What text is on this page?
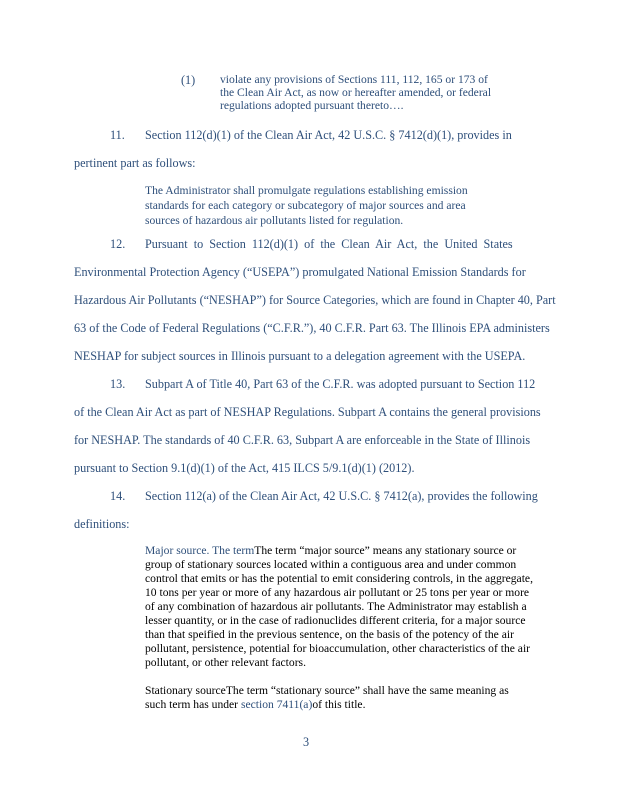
(1) violate any provisions of Sections 111, 112, 165 or 173 of
the Clean Air Act, as now or hereafter amended, or federal
regulations adopted pursuant thereto….
11. Section 112(d)(1) of the Clean Air Act, 42 U.S.C. § 7412(d)(1), provides in
pertinent part as follows:
The Administrator shall promulgate regulations establishing emission
standards for each category or subcategory of major sources and area
sources of hazardous air pollutants listed for regulation.
12. Pursuant to Section 112(d)(1) of the Clean Air Act, the United States
Environmental Protection Agency (“USEPA”) promulgated National Emission Standards for
Hazardous Air Pollutants (“NESHAP”) for Source Categories, which are found in Chapter 40, Part
63 of the Code of Federal Regulations (“C.F.R.”), 40 C.F.R. Part 63. The Illinois EPA administers
NESHAP for subject sources in Illinois pursuant to a delegation agreement with the USEPA.
13. Subpart A of Title 40, Part 63 of the C.F.R. was adopted pursuant to Section 112
of the Clean Air Act as part of NESHAP Regulations. Subpart A contains the general provisions
for NESHAP. The standards of 40 C.F.R. 63, Subpart A are enforceable in the State of Illinois
pursuant to Section 9.1(d)(1) of the Act, 415 ILCS 5/9.1(d)(1) (2012).
14. Section 112(a) of the Clean Air Act, 42 U.S.C. § 7412(a), provides the following
definitions:
Major source. The termThe term “major source” means any stationary source or
group of stationary sources located within a contiguous area and under common
control that emits or has the potential to emit considering controls, in the aggregate,
10 tons per year or more of any hazardous air pollutant or 25 tons per year or more
of any combination of hazardous air pollutants. The Administrator may establish a
lesser quantity, or in the case of radionuclides different criteria, for a major source
than that speified in the previous sentence, on the basis of the potency of the air
pollutant, persistence, potential for bioaccumulation, other characteristics of the air
pollutant, or other relevant factors.
Stationary sourceThe term “stationary source” shall have the same meaning as
such term has under section 7411(a)of this title.
3
